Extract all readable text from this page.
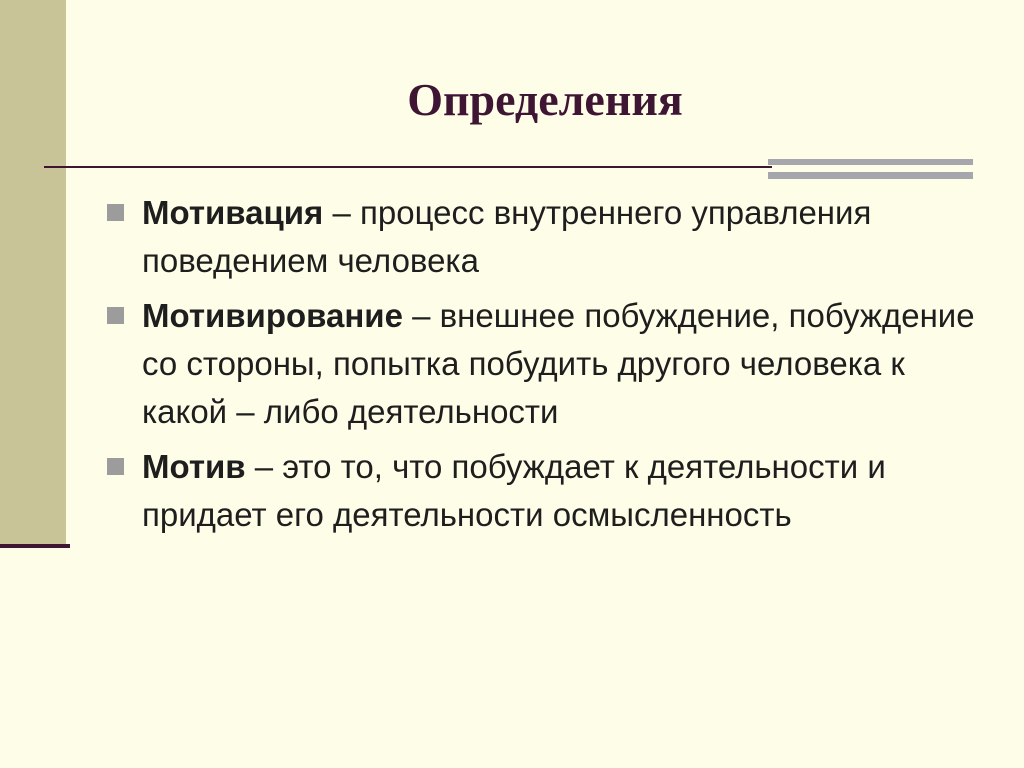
Определения
Мотивация – процесс внутреннего управления поведением человека
Мотивирование – внешнее побуждение, побуждение со стороны, попытка побудить другого человека к какой – либо деятельности
Мотив – это то, что побуждает к деятельности и придает его деятельности осмысленность
